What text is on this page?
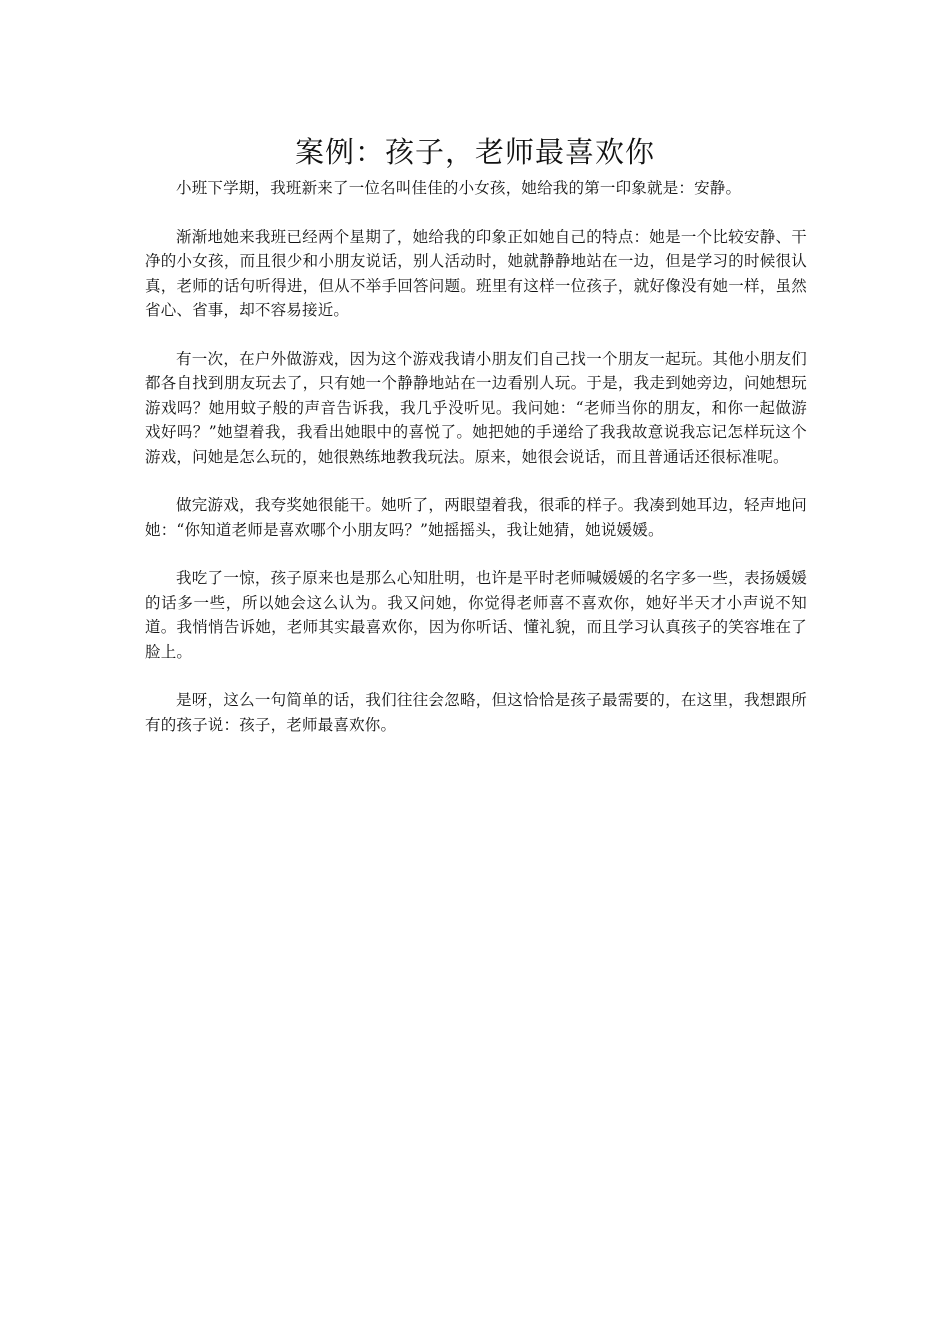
案例：孩子，老师最喜欢你

小班下学期，我班新来了一位名叫佳佳的小女孩，她给我的第一印象就是：安静。

渐渐地她来我班已经两个星期了，她给我的印象正如她自己的特点：她是一个比较安静、干净的小女孩，而且很少和小朋友说话，别人活动时，她就静静地站在一边，但是学习的时候很认真，老师的话句听得进，但从不举手回答问题。班里有这样一位孩子，就好像没有她一样，虽然省心、省事，却不容易接近。

有一次，在户外做游戏，因为这个游戏我请小朋友们自己找一个朋友一起玩。其他小朋友们都各自找到朋友玩去了，只有她一个静静地站在一边看别人玩。于是，我走到她旁边，问她想玩游戏吗？她用蚊子般的声音告诉我，我几乎没听见。我问她：“老师当你的朋友，和你一起做游戏好吗？”她望着我，我看出她眼中的喜悦了。她把她的手递给了我我故意说我忘记怎样玩这个游戏，问她是怎么玩的，她很熟练地教我玩法。原来，她很会说话，而且普通话还很标准呢。

做完游戏，我夸奖她很能干。她听了，两眼望着我，很乖的样子。我凑到她耳边，轻声地问她：“你知道老师是喜欢哪个小朋友吗？”她摇摇头，我让她猜，她说媛媛。

我吃了一惊，孩子原来也是那么心知肚明，也许是平时老师喊媛媛的名字多一些，表扬媛媛的话多一些，所以她会这么认为。我又问她，你觉得老师喜不喜欢你，她好半天才小声说不知道。我悄悄告诉她，老师其实最喜欢你，因为你听话、懂礼貌，而且学习认真孩子的笑容堆在了脸上。

是呀，这么一句简单的话，我们往往会忽略，但这恰恰是孩子最需要的，在这里，我想跟所有的孩子说：孩子，老师最喜欢你。
